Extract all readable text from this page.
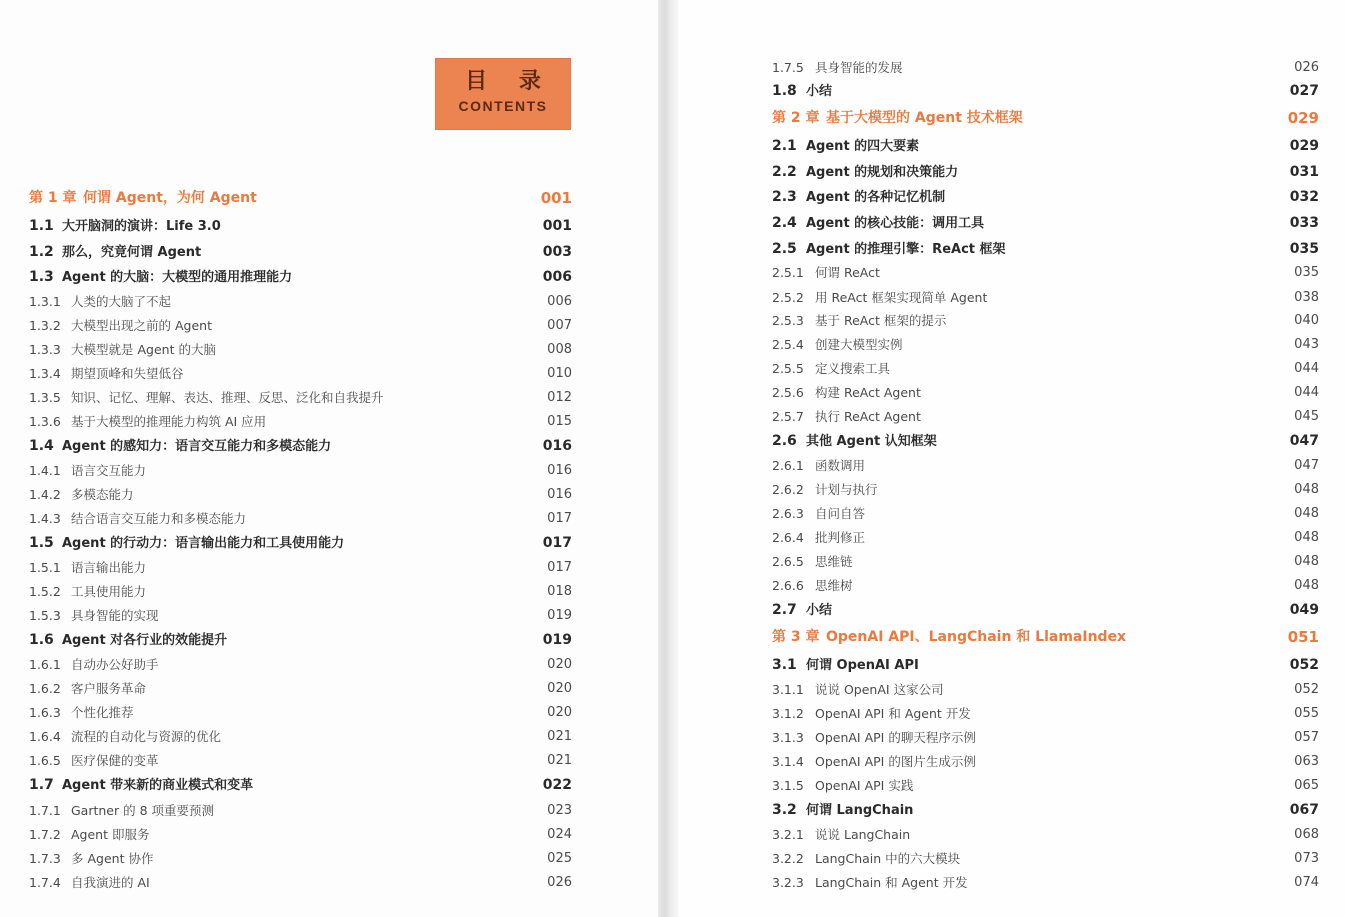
目 录
CONTENTS
第 1 章 何谓 Agent，为何 Agent	001
1.1 大开脑洞的演讲：Life 3.0	001
1.2 那么，究竟何谓 Agent	003
1.3 Agent 的大脑：大模型的通用推理能力	006
1.3.1 人类的大脑了不起	006
1.3.2 大模型出现之前的 Agent	007
1.3.3 大模型就是 Agent 的大脑	008
1.3.4 期望顶峰和失望低谷	010
1.3.5 知识、记忆、理解、表达、推理、反思、泛化和自我提升	012
1.3.6 基于大模型的推理能力构筑 AI 应用	015
1.4 Agent 的感知力：语言交互能力和多模态能力	016
1.4.1 语言交互能力	016
1.4.2 多模态能力	016
1.4.3 结合语言交互能力和多模态能力	017
1.5 Agent 的行动力：语言输出能力和工具使用能力	017
1.5.1 语言输出能力	017
1.5.2 工具使用能力	018
1.5.3 具身智能的实现	019
1.6 Agent 对各行业的效能提升	019
1.6.1 自动办公好助手	020
1.6.2 客户服务革命	020
1.6.3 个性化推荐	020
1.6.4 流程的自动化与资源的优化	021
1.6.5 医疗保健的变革	021
1.7 Agent 带来新的商业模式和变革	022
1.7.1 Gartner 的 8 项重要预测	023
1.7.2 Agent 即服务	024
1.7.3 多 Agent 协作	025
1.7.4 自我演进的 AI	026
1.7.5 具身智能的发展	026
1.8 小结	027
第 2 章 基于大模型的 Agent 技术框架	029
2.1 Agent 的四大要素	029
2.2 Agent 的规划和决策能力	031
2.3 Agent 的各种记忆机制	032
2.4 Agent 的核心技能：调用工具	033
2.5 Agent 的推理引擎：ReAct 框架	035
2.5.1 何谓 ReAct	035
2.5.2 用 ReAct 框架实现简单 Agent	038
2.5.3 基于 ReAct 框架的提示	040
2.5.4 创建大模型实例	043
2.5.5 定义搜索工具	044
2.5.6 构建 ReAct Agent	044
2.5.7 执行 ReAct Agent	045
2.6 其他 Agent 认知框架	047
2.6.1 函数调用	047
2.6.2 计划与执行	048
2.6.3 自问自答	048
2.6.4 批判修正	048
2.6.5 思维链	048
2.6.6 思维树	048
2.7 小结	049
第 3 章 OpenAI API、LangChain 和 LlamaIndex	051
3.1 何谓 OpenAI API	052
3.1.1 说说 OpenAI 这家公司	052
3.1.2 OpenAI API 和 Agent 开发	055
3.1.3 OpenAI API 的聊天程序示例	057
3.1.4 OpenAI API 的图片生成示例	063
3.1.5 OpenAI API 实践	065
3.2 何谓 LangChain	067
3.2.1 说说 LangChain	068
3.2.2 LangChain 中的六大模块	073
3.2.3 LangChain 和 Agent 开发	074
